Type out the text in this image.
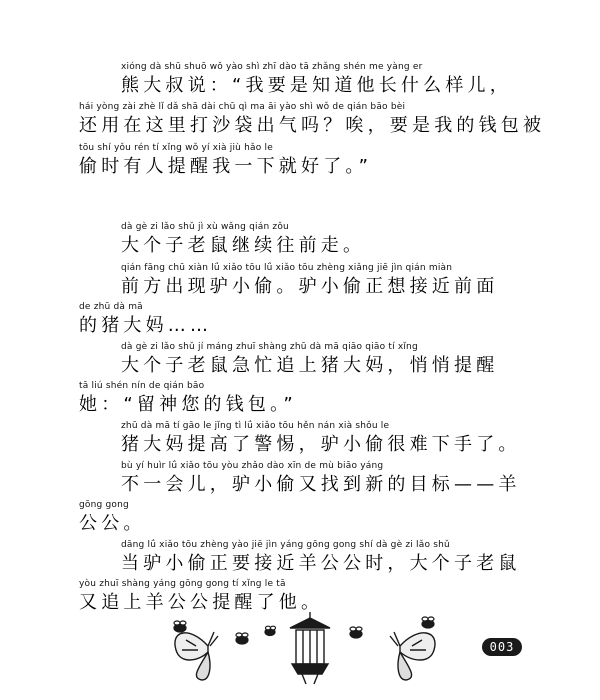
xióng dà shū shuō wǒ yào shì zhī dào tā zhǎng shén me yàng er
熊大叔说：“我要是知道他长什么样儿，
hái yòng zài zhè lǐ dǎ shā dài chū qì ma āi yào shì wǒ de qián bāo bèi
还用在这里打沙袋出气吗？唉，要是我的钱包被
tōu shí yǒu rén tí xǐng wǒ yí xià jiù hǎo le
偷时有人提醒我一下就好了。”
dà gè zi lǎo shǔ jì xù wǎng qián zǒu
大个子老鼠继续往前走。
qián fāng chū xiàn lǘ xiǎo tōu lǘ xiǎo tōu zhèng xiǎng jiē jìn qián miàn
前方出现驴小偷。驴小偷正想接近前面
de zhū dà mā
的猪大妈……
dà gè zi lǎo shǔ jí máng zhuī shàng zhū dà mā qiāo qiāo tí xǐng
大个子老鼠急忙追上猪大妈，悄悄提醒
tā liú shén nín de qián bāo
她：“留神您的钱包。”
zhū dà mā tí gāo le jǐng tì lǘ xiǎo tōu hěn nán xià shǒu le
猪大妈提高了警惕，驴小偷很难下手了。
bù yí huìr lǘ xiǎo tōu yòu zhǎo dào xīn de mù biāo yáng
不一会儿，驴小偷又找到新的目标——羊
gōng gong
公公。
dāng lǘ xiǎo tōu zhèng yào jiē jìn yáng gōng gong shí dà gè zi lǎo shǔ
当驴小偷正要接近羊公公时，大个子老鼠
yòu zhuī shàng yáng gōng gong tí xǐng le tā
又追上羊公公提醒了他。
003
